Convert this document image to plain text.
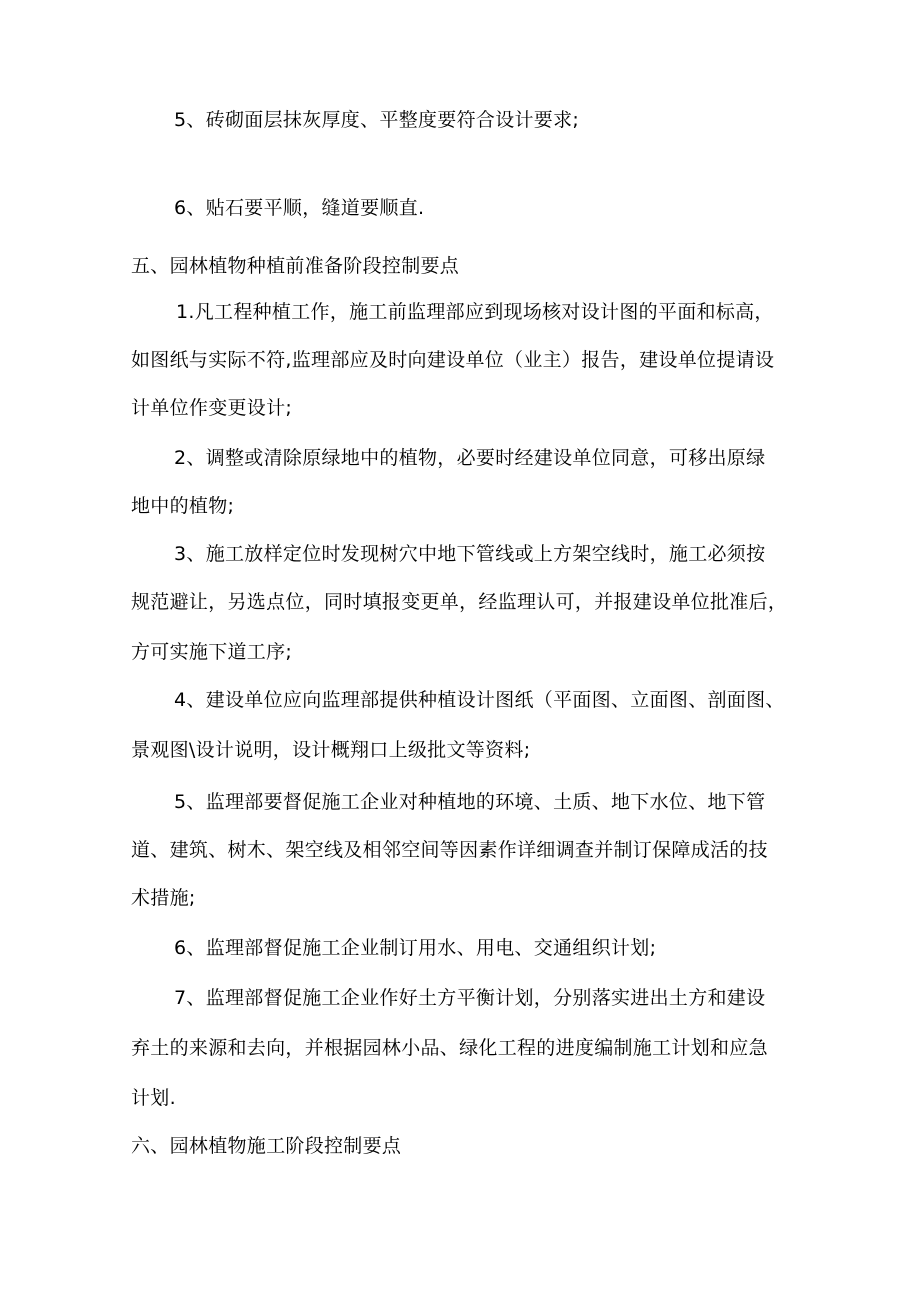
5、砖砌面层抹灰厚度、平整度要符合设计要求;
6、贴石要平顺，缝道要顺直.
五、园林植物种植前准备阶段控制要点
1.凡工程种植工作，施工前监理部应到现场核对设计图的平面和标高，
如图纸与实际不符,监理部应及时向建设单位（业主）报告，建设单位提请设
计单位作变更设计;
2、调整或清除原绿地中的植物，必要时经建设单位同意，可移出原绿
地中的植物;
3、施工放样定位时发现树穴中地下管线或上方架空线时，施工必须按
规范避让，另选点位，同时填报变更单，经监理认可，并报建设单位批准后，
方可实施下道工序;
4、建设单位应向监理部提供种植设计图纸（平面图、立面图、剖面图、
景观图\设计说明，设计概翔口上级批文等资料;
5、监理部要督促施工企业对种植地的环境、土质、地下水位、地下管
道、建筑、树木、架空线及相邻空间等因素作详细调查并制订保障成活的技
术措施;
6、监理部督促施工企业制订用水、用电、交通组织计划;
7、监理部督促施工企业作好土方平衡计划，分别落实进出土方和建设
弃土的来源和去向，并根据园林小品、绿化工程的进度编制施工计划和应急
计划.
六、园林植物施工阶段控制要点
